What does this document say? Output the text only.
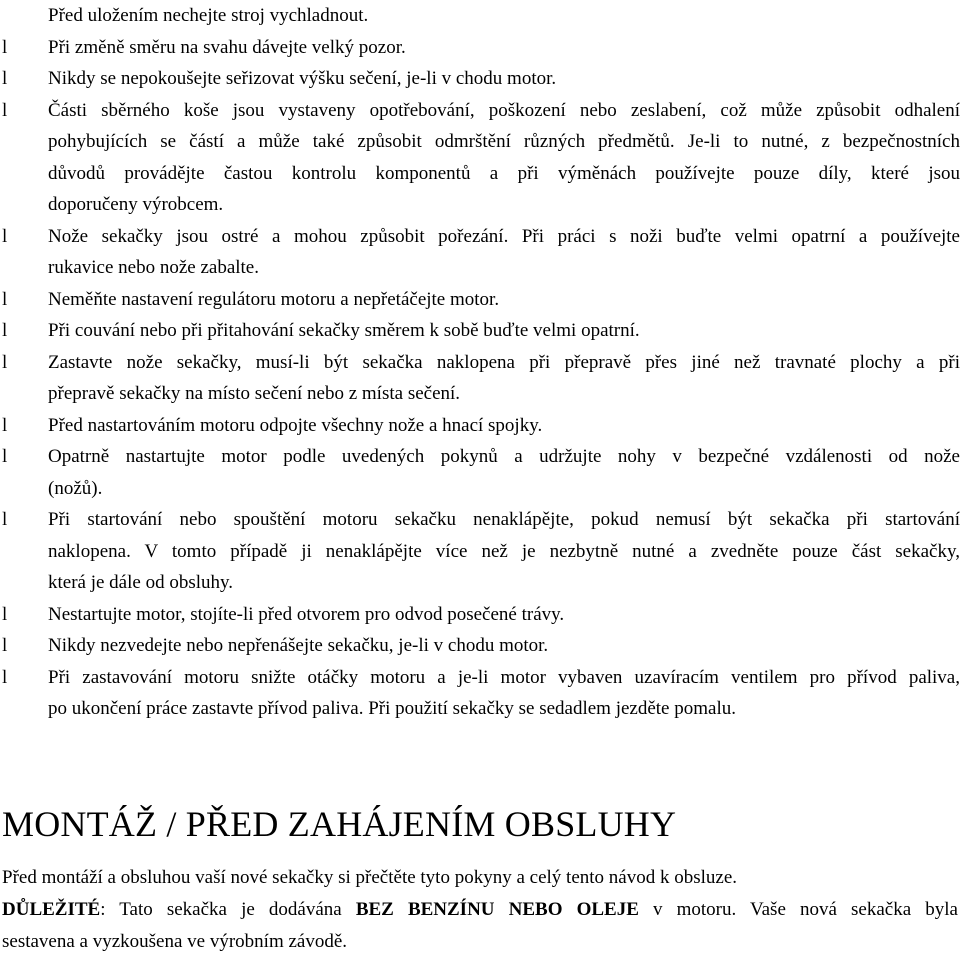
Před uložením nechejte stroj vychladnout.
l Při změně směru na svahu dávejte velký pozor.
l Nikdy se nepokoušejte seřizovat výšku sečení, je-li v chodu motor.
l Části sběrného koše jsou vystaveny opotřebování, poškození nebo zeslabení, což může způsobit odhalení
pohybujících se částí a může také způsobit odmrštění různých předmětů. Je-li to nutné, z bezpečnostních
důvodů provádějte častou kontrolu komponentů a při výměnách používejte pouze díly, které jsou
doporučeny výrobcem.
l Nože sekačky jsou ostré a mohou způsobit pořezání. Při práci s noži buďte velmi opatrní a používejte
rukavice nebo nože zabalte.
l Neměňte nastavení regulátoru motoru a nepřetáčejte motor.
l Při couvání nebo při přitahování sekačky směrem k sobě buďte velmi opatrní.
l Zastavte nože sekačky, musí-li být sekačka naklopena při přepravě přes jiné než travnaté plochy a při
přepravě sekačky na místo sečení nebo z místa sečení.
l Před nastartováním motoru odpojte všechny nože a hnací spojky.
l Opatrně nastartujte motor podle uvedených pokynů a udržujte nohy v bezpečné vzdálenosti od nože
(nožů).
l Při startování nebo spouštění motoru sekačku nenaklápějte, pokud nemusí být sekačka při startování
naklopena. V tomto případě ji nenaklápějte více než je nezbytně nutné a zvedněte pouze část sekačky,
která je dále od obsluhy.
l Nestartujte motor, stojíte-li před otvorem pro odvod posečené trávy.
l Nikdy nezvedejte nebo nepřenášejte sekačku, je-li v chodu motor.
l Při zastavování motoru snižte otáčky motoru a je-li motor vybaven uzavíracím ventilem pro přívod paliva,
po ukončení práce zastavte přívod paliva. Při použití sekačky se sedadlem jezděte pomalu.
MONTÁŽ / PŘED ZAHÁJENÍM OBSLUHY
Před montáží a obsluhou vaší nové sekačky si přečtěte tyto pokyny a celý tento návod k obsluze.
DŮLEŽITÉ: Tato sekačka je dodávána BEZ BENZÍNU NEBO OLEJE v motoru. Vaše nová sekačka byla
sestavena a vyzkoušena ve výrobním závodě.
